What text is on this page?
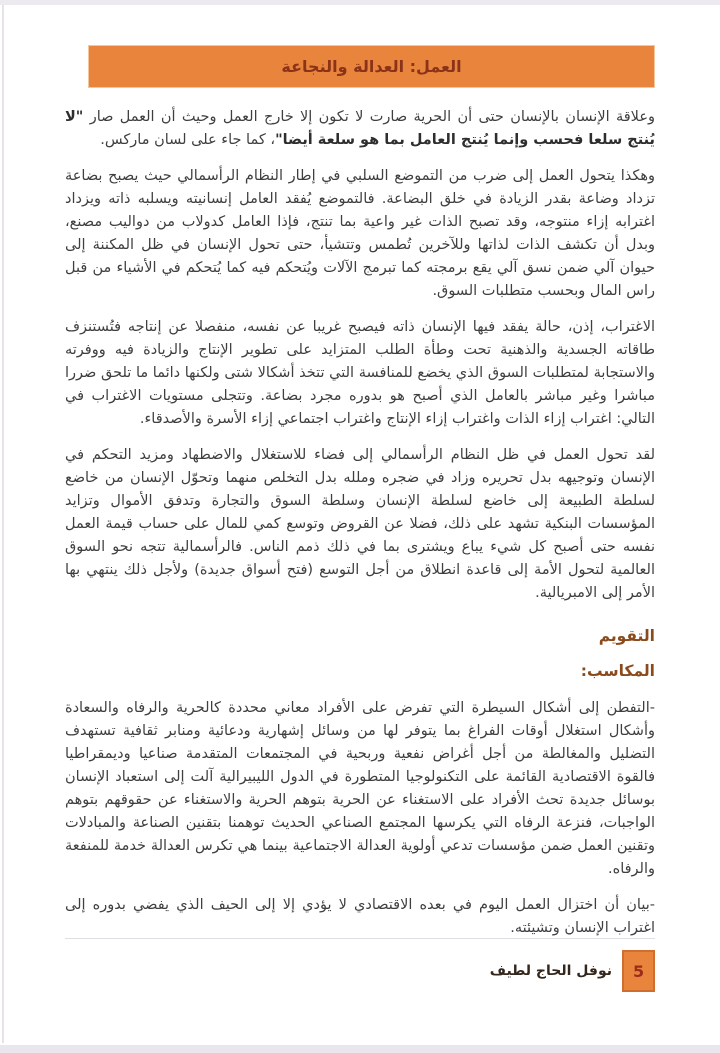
العمل: العدالة والنجاعة

وعلاقة الإنسان بالإنسان حتى أن الحرية صارت لا تكون إلا خارج العمل وحيث أن العمل صار "لا يُنتج سلعا فحسب وإنما يُنتج العامل بما هو سلعة أيضا"، كما جاء على لسان ماركس.

وهكذا يتحول العمل إلى ضرب من التموضع السلبي في إطار النظام الرأسمالي حيث يصبح بضاعة تزداد وضاعة بقدر الزيادة في خلق البضاعة. فالتموضع يُفقد العامل إنسانيته ويسلبه ذاته ويزداد اغترابه إزاء منتوجه، وقد تصبح الذات غير واعية بما تنتج، فإذا العامل كدولاب من دواليب مصنع، وبدل أن تكشف الذات لذاتها وللآخرين تُطمس وتتشيأ، حتى تحول الإنسان في ظل المكننة إلى حيوان آلي ضمن نسق آلي يقع برمجته كما تبرمج الآلات ويُتحكم فيه كما يُتحكم في الأشياء من قبل راس المال وبحسب متطلبات السوق.

الاغتراب، إذن، حالة يفقد فيها الإنسان ذاته فيصبح غريبا عن نفسه، منفصلا عن إنتاجه فتُستنزف طاقاته الجسدية والذهنية تحت وطأة الطلب المتزايد على تطوير الإنتاج والزيادة فيه ووفرته والاستجابة لمتطلبات السوق الذي يخضع للمنافسة التي تتخذ أشكالا شتى ولكنها دائما ما تلحق ضررا مباشرا وغير مباشر بالعامل الذي أصبح هو بدوره مجرد بضاعة. وتتجلى مستويات الاغتراب في التالي: اغتراب إزاء الذات واغتراب إزاء الإنتاج واغتراب اجتماعي إزاء الأسرة والأصدقاء.

لقد تحول العمل في ظل النظام الرأسمالي إلى فضاء للاستغلال والاضطهاد ومزيد التحكم في الإنسان وتوجيهه بدل تحريره وزاد في ضجره وملله بدل التخلص منهما وتحوّل الإنسان من خاضع لسلطة الطبيعة إلى خاضع لسلطة الإنسان وسلطة السوق والتجارة وتدفق الأموال وتزايد المؤسسات البنكية تشهد على ذلك، فضلا عن القروض وتوسع كمي للمال على حساب قيمة العمل نفسه حتى أصبح كل شيء يباع ويشترى بما في ذلك ذمم الناس. فالرأسمالية تتجه نحو السوق العالمية لتحول الأمة إلى قاعدة انطلاق من أجل التوسع (فتح أسواق جديدة) ولأجل ذلك ينتهي بها الأمر إلى الامبريالية.

التقويم
المكاسب:

-التفطن إلى أشكال السيطرة التي تفرض على الأفراد معاني محددة كالحرية والرفاه والسعادة وأشكال استغلال أوقات الفراغ بما يتوفر لها من وسائل إشهارية ودعائية ومنابر ثقافية تستهدف التضليل والمغالطة من أجل أغراض نفعية وربحية في المجتمعات المتقدمة صناعيا وديمقراطيا فالقوة الاقتصادية القائمة على التكنولوجيا المتطورة في الدول الليبيرالية آلت إلى استعباد الإنسان بوسائل جديدة تحث الأفراد على الاستغناء عن الحرية بتوهم الحرية والاستغناء عن حقوقهم بتوهم الواجبات، فنزعة الرفاه التي يكرسها المجتمع الصناعي الحديث توهمنا بتقنين الصناعة والمبادلات وتقنين العمل ضمن مؤسسات تدعي أولوية العدالة الاجتماعية بينما هي تكرس العدالة خدمة للمنفعة والرفاه.

-بيان أن اختزال العمل اليوم في بعده الاقتصادي لا يؤدي إلا إلى الحيف الذي يفضي بدوره إلى اغتراب الإنسان وتشيئته.

5
نوفل الحاج لطيف
